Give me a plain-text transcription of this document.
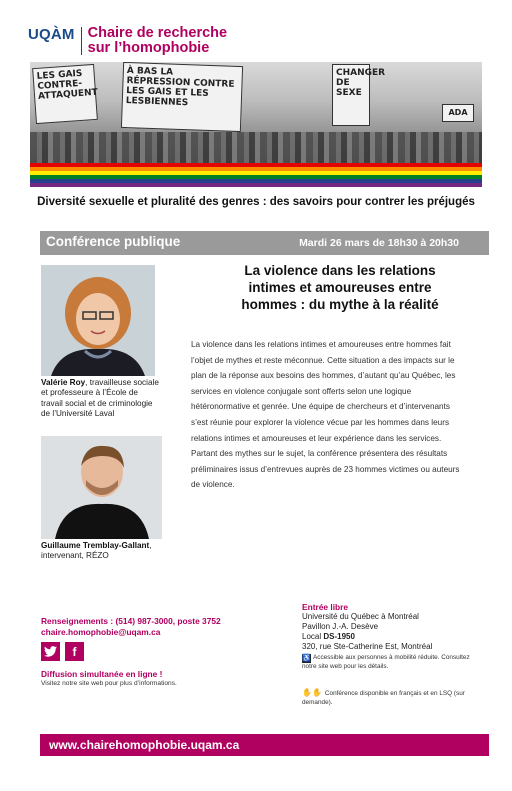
UQÀM Chaire de recherche
sur l’homophobie
LES GAIS CONTRE-ATTAQUENT
À BAS LA RÉPRESSION CONTRE LES GAIS ET LES LESBIENNES
CHANGER DE SEXE
ADA
Diversité sexuelle et pluralité des genres : des savoirs pour contrer les préjugés
Conférence publique	Mardi 26 mars de 18h30 à 20h30
Valérie Roy, travailleuse sociale et professeure à l’École de travail social et de criminologie de l’Université Laval
Guillaume Tremblay-Gallant, intervenant, RÉZO
La violence dans les relations
intimes et amoureuses entre
hommes : du mythe à la réalité
La violence dans les relations intimes et amoureuses entre hommes fait l’objet de mythes et reste méconnue. Cette situation a des impacts sur le plan de la réponse aux besoins des hommes, d’autant qu’au Québec, les services en violence conjugale sont offerts selon une logique hétéronormative et genrée. Une équipe de chercheurs et d’intervenants s’est réunie pour explorer la violence vécue par les hommes dans leurs relations intimes et amoureuses et leur expérience dans les services. Partant des mythes sur le sujet, la conférence présentera des résultats préliminaires issus d’entrevues auprès de 23 hommes victimes ou auteurs de violence.
Renseignements : (514) 987-3000, poste 3752
chaire.homophobie@uqam.ca
f
Diffusion simultanée en ligne !
Visitez notre site web pour plus d’informations.
Entrée libre
Université du Québec à Montréal
Pavillon J.-A. Desève
Local DS-1950
320, rue Ste-Catherine Est, Montréal
♿ Accessible aux personnes à mobilité réduite. Consultez notre site web pour les détails.
✋✋ Conférence disponible en français et en LSQ (sur demande).
www.chairehomophobie.uqam.ca
